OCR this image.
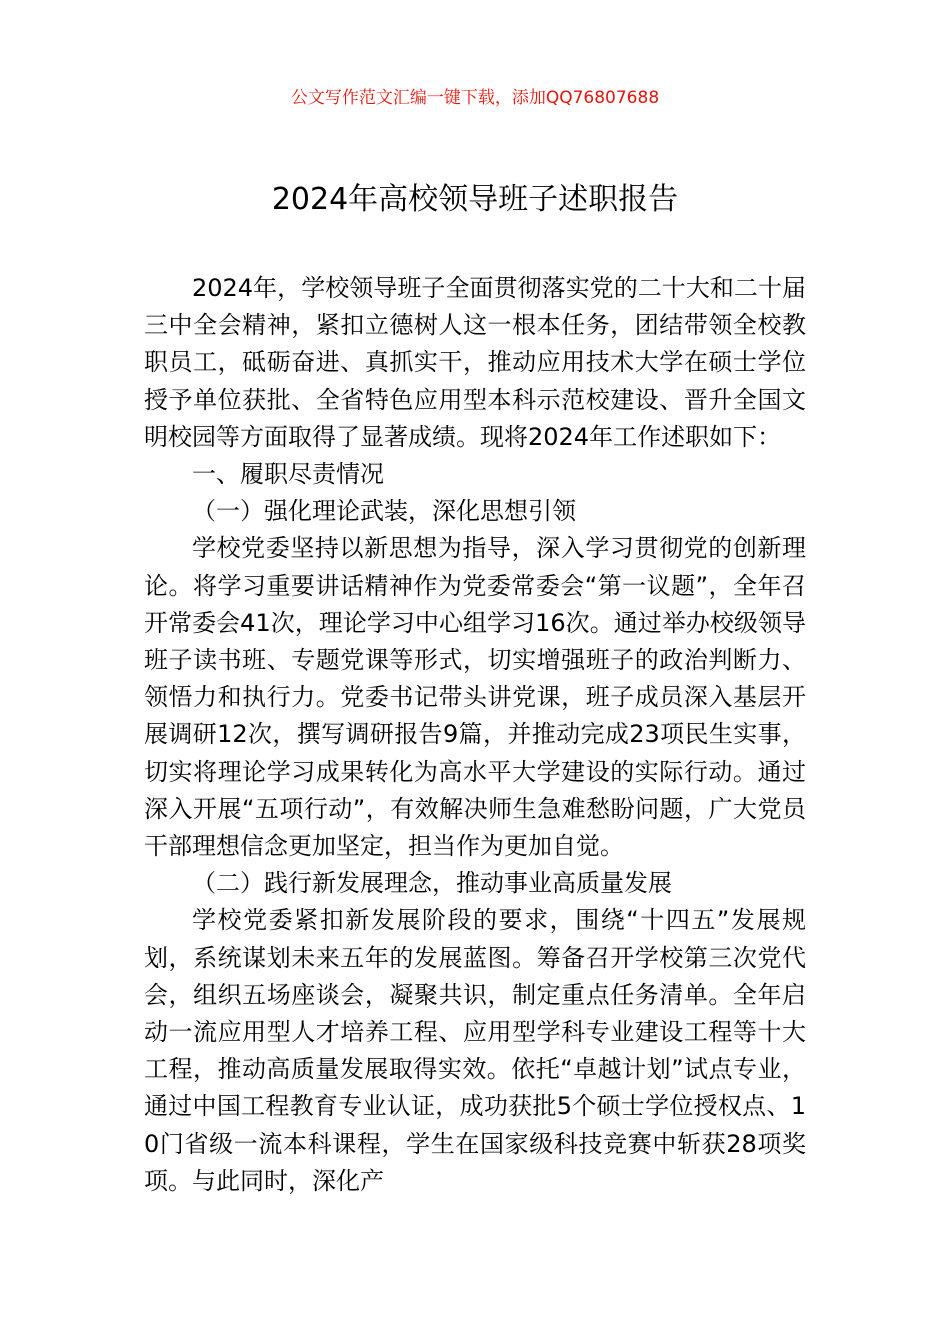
公文写作范文汇编一键下载，添加QQ76807688
2024年高校领导班子述职报告

2024年，学校领导班子全面贯彻落实党的二十大和二十届三中全会精神，紧扣立德树人这一根本任务，团结带领全校教职员工，砥砺奋进、真抓实干，推动应用技术大学在硕士学位授予单位获批、全省特色应用型本科示范校建设、晋升全国文明校园等方面取得了显著成绩。现将2024年工作述职如下：

一、履职尽责情况

（一）强化理论武装，深化思想引领

学校党委坚持以新思想为指导，深入学习贯彻党的创新理论。将学习重要讲话精神作为党委常委会“第一议题”，全年召开常委会41次，理论学习中心组学习16次。通过举办校级领导班子读书班、专题党课等形式，切实增强班子的政治判断力、领悟力和执行力。党委书记带头讲党课，班子成员深入基层开展调研12次，撰写调研报告9篇，并推动完成23项民生实事，切实将理论学习成果转化为高水平大学建设的实际行动。通过深入开展“五项行动”，有效解决师生急难愁盼问题，广大党员干部理想信念更加坚定，担当作为更加自觉。

（二）践行新发展理念，推动事业高质量发展

学校党委紧扣新发展阶段的要求，围绕“十四五”发展规划，系统谋划未来五年的发展蓝图。筹备召开学校第三次党代会，组织五场座谈会，凝聚共识，制定重点任务清单。全年启动一流应用型人才培养工程、应用型学科专业建设工程等十大工程，推动高质量发展取得实效。依托“卓越计划”试点专业，通过中国工程教育专业认证，成功获批5个硕士学位授权点、10门省级一流本科课程，学生在国家级科技竞赛中斩获28项奖项。与此同时，深化产
